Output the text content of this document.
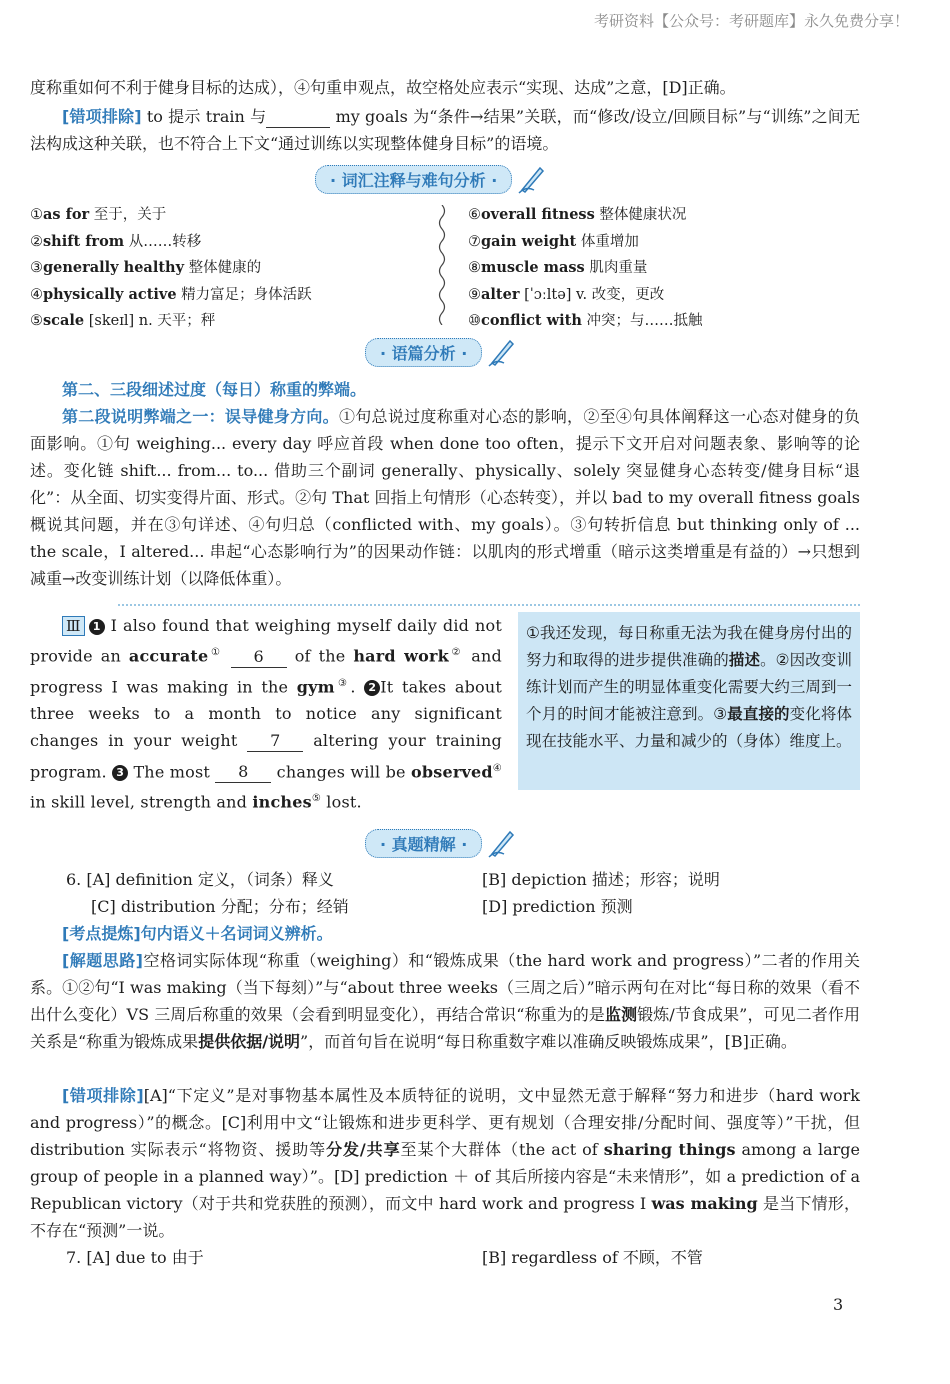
考研资料【公众号：考研题库】永久免费分享！
度称重如何不利于健身目标的达成），④句重申观点，故空格处应表示“实现、达成”之意，[D]正确。
[错项排除] to 提示 train 与	my goals 为“条件→结果”关联，而“修改/设立/回顾目标”与“训练”之间无法构成这种关联，也不符合上下文“通过训练以实现整体健身目标”的语境。
· 词汇注释与难句分析 ·
①as for 至于，关于
②shift from 从……转移
③generally healthy 整体健康的
④physically active 精力富足；身体活跃
⑤scale [skeɪl] n. 天平；秤
⑥overall fitness 整体健康状况
⑦gain weight 体重增加
⑧muscle mass 肌肉重量
⑨alter [ˈɔːltə] v. 改变，更改
⑩conflict with 冲突；与……抵触
· 语篇分析 ·
第二、三段细述过度（每日）称重的弊端。
第二段说明弊端之一：误导健身方向。①句总说过度称重对心态的影响，②至④句具体阐释这一心态对健身的负面影响。①句 weighing... every day 呼应首段 when done too often，提示下文开启对问题表象、影响等的论述。变化链 shift... from... to... 借助三个副词 generally、physically、solely 突显健身心态转变/健身目标“退化”：从全面、切实变得片面、形式。②句 That 回指上句情形（心态转变），并以 bad to my overall fitness goals 概说其问题，并在③句详述、④句归总（conflicted with、my goals）。③句转折信息 but thinking only of ... the scale，I altered... 串起“心态影响行为”的因果动作链：以肌肉的形式增重（暗示这类增重是有益的）→只想到减重→改变训练计划（以降低体重）。
Ⅲ 1 I also found that weighing myself daily did not provide an accurate① 6 of the hard work② and progress I was making in the gym③. 2 It takes about three weeks to a month to notice any significant changes in your weight 7 altering your training program. 3 The most 8 changes will be observed④ in skill level, strength and inches⑤ lost.
①我还发现，每日称重无法为我在健身房付出的努力和取得的进步提供准确的描述。②因改变训练计划而产生的明显体重变化需要大约三周到一个月的时间才能被注意到。③最直接的变化将体现在技能水平、力量和减少的（身体）维度上。
· 真题精解 ·
6. [A] definition 定义，（词条）释义	[B] depiction 描述；形容；说明
[C] distribution 分配；分布；经销	[D] prediction 预测
[考点提炼]句内语义＋名词词义辨析。
[解题思路]空格词实际体现“称重（weighing）和“锻炼成果（the hard work and progress）”二者的作用关系。①②句“I was making（当下每刻）”与“about three weeks（三周之后）”暗示两句在对比“每日称的效果（看不出什么变化）VS 三周后称重的效果（会看到明显变化），再结合常识“称重为的是监测锻炼/节食成果”，可见二者作用关系是“称重为锻炼成果提供依据/说明”，而首句旨在说明“每日称重数字难以准确反映锻炼成果”，[B]正确。
[错项排除][A]“下定义”是对事物基本属性及本质特征的说明，文中显然无意于解释“努力和进步（hard work and progress）”的概念。[C]利用中文“让锻炼和进步更科学、更有规划（合理安排/分配时间、强度等）”干扰，但 distribution 实际表示“将物资、援助等分发/共享至某个大群体（the act of sharing things among a large group of people in a planned way）”。[D] prediction ＋ of 其后所接内容是“未来情形”，如 a prediction of a Republican victory（对于共和党获胜的预测），而文中 hard work and progress I was making 是当下情形，不存在“预测”一说。
7. [A] due to 由于	[B] regardless of 不顾，不管
3
